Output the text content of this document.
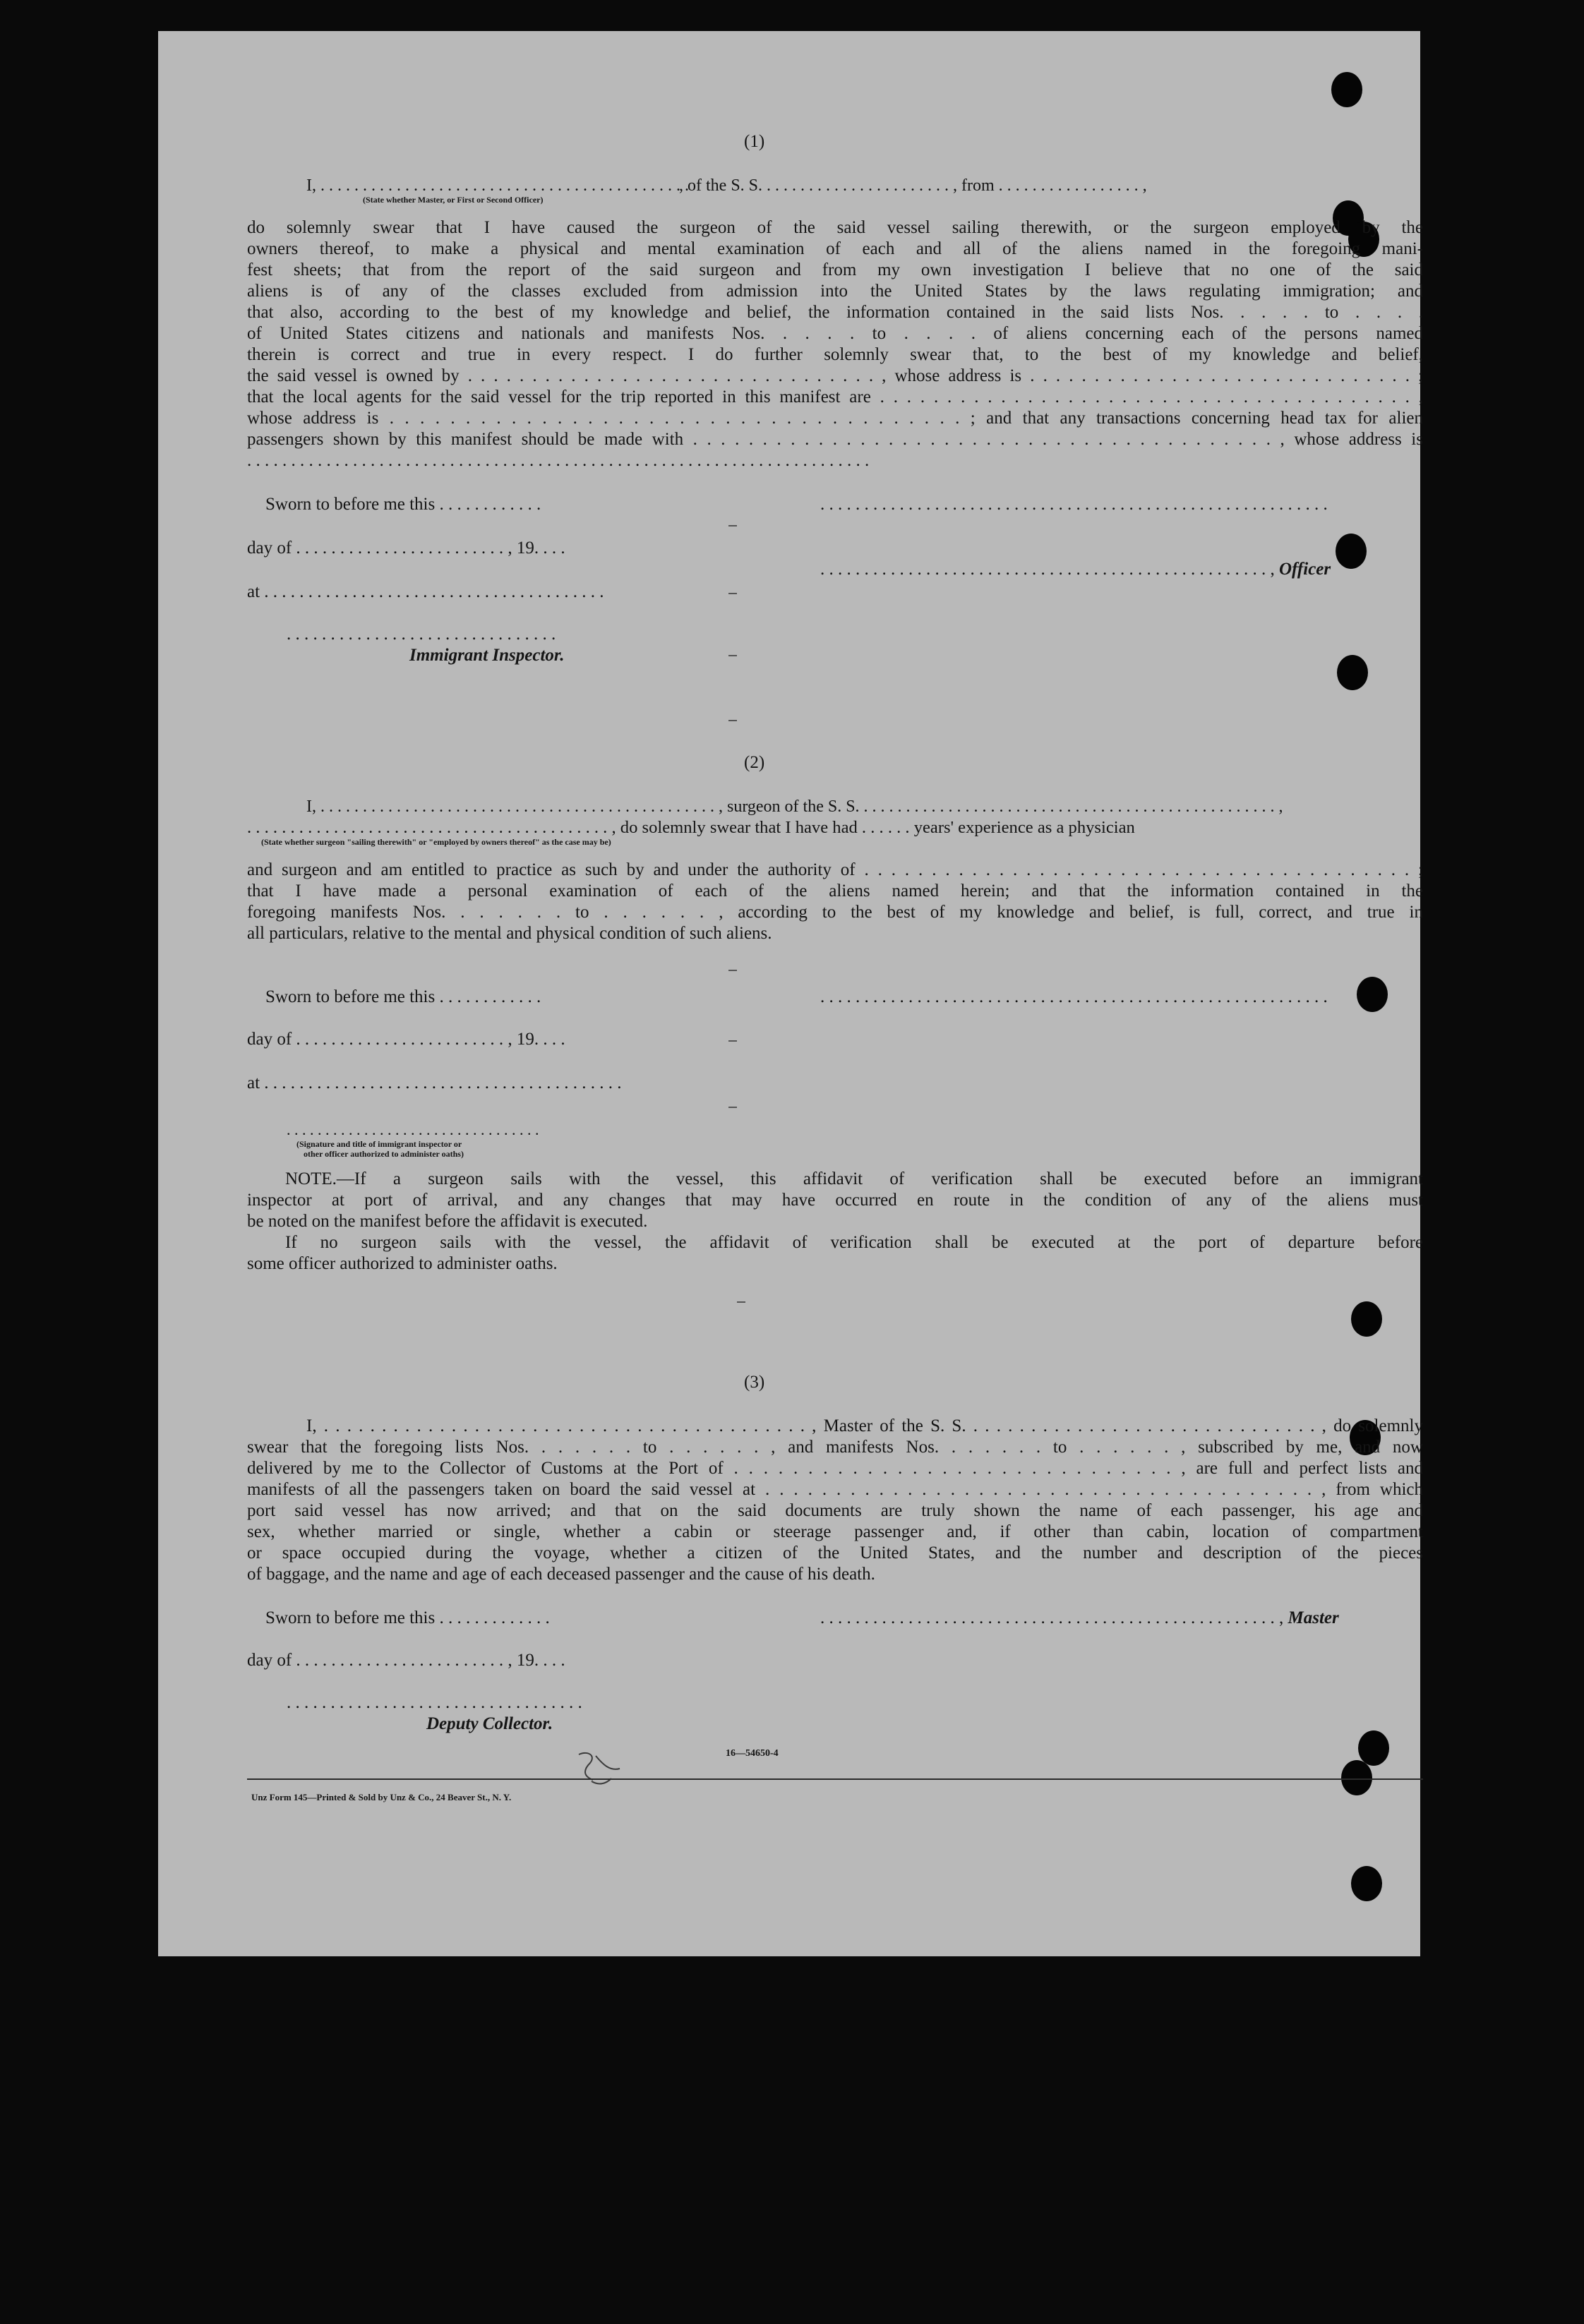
(1)
I, . . . . . . . . . . . . . . . . . . . . . . . . . . . . . . . . . . . . . . . . . . . .
, of the S. S. . . . . . . . . . . . . . . . . . . . . . . , from . . . . . . . . . . . . . . . . . ,
(State whether Master, or First or Second Officer)
do solemnly swear that I have caused the surgeon of the said vessel sailing therewith, or the surgeon employed by the
owners thereof, to make a physical and mental examination of each and all of the aliens named in the foregoing mani-
fest sheets; that from the report of the said surgeon and from my own investigation I believe that no one of the said
aliens is of any of the classes excluded from admission into the United States by the laws regulating immigration; and
that also, according to the best of my knowledge and belief, the information contained in the said lists Nos. . . . . to . . . .
of United States citizens and nationals and manifests Nos. . . . . to . . . . of aliens concerning each of the persons named
therein is correct and true in every respect. I do further solemnly swear that, to the best of my knowledge and belief,
the said vessel is owned by . . . . . . . . . . . . . . . . . . . . . . . . . . . . . . . . , whose address is . . . . . . . . . . . . . . . . . . . . . . . . . . . . . . ;
that the local agents for the said vessel for the trip reported in this manifest are . . . . . . . . . . . . . . . . . . . . . . . . . . . . . . . . . . . . . . . . ,
whose address is . . . . . . . . . . . . . . . . . . . . . . . . . . . . . . . . . . . . . . ; and that any transactions concerning head tax for alien
passengers shown by this manifest should be made with . . . . . . . . . . . . . . . . . . . . . . . . . . . . . . . . . . . . . . . . . . , whose address is
. . . . . . . . . . . . . . . . . . . . . . . . . . . . . . . . . . . . . . . . . . . . . . . . . . . . . . . . . . . . . . . . . . . . . . .
Sworn to before me this . . . . . . . . . . . .	. . . . . . . . . . . . . . . . . . . . . . . . . . . . . . . . . . . . . . . . . . . . . . . . . . . . . . . . . .
day of . . . . . . . . . . . . . . . . . . . . . . . . , 19. . . .
. . . . . . . . . . . . . . . . . . . . . . . . . . . . . . . . . . . . . . . . . . . . . . . . . . . , Officer
at . . . . . . . . . . . . . . . . . . . . . . . . . . . . . . . . . . . . . . .
. . . . . . . . . . . . . . . . . . . . . . . . . . . . . . .
Immigrant Inspector.
(2)
I, . . . . . . . . . . . . . . . . . . . . . . . . . . . . . . . . . . . . . . . . . . . . . . . , surgeon of the S. S. . . . . . . . . . . . . . . . . . . . . . . . . . . . . . . . . . . . . . . . . . . . . . . . . . ,
. . . . . . . . . . . . . . . . . . . . . . . . . . . . . . . . . . . . . . . . . . , do solemnly swear that I have had . . . . . . years' experience as a physician
(State whether surgeon "sailing therewith" or "employed by owners thereof" as the case may be)
and surgeon and am entitled to practice as such by and under the authority of . . . . . . . . . . . . . . . . . . . . . . . . . . . . . . . . . . . . . . . . . ;
that I have made a personal examination of each of the aliens named herein; and that the information contained in the
foregoing manifests Nos. . . . . . . to . . . . . . , according to the best of my knowledge and belief, is full, correct, and true in
all particulars, relative to the mental and physical condition of such aliens.
Sworn to before me this . . . . . . . . . . . .	. . . . . . . . . . . . . . . . . . . . . . . . . . . . . . . . . . . . . . . . . . . . . . . . . . . . . . . . . .
day of . . . . . . . . . . . . . . . . . . . . . . . . , 19. . . .
at . . . . . . . . . . . . . . . . . . . . . . . . . . . . . . . . . . . . . . . . .
. . . . . . . . . . . . . . . . . . . . . . . . . . . . . . . . .
(Signature and title of immigrant inspector or
other officer authorized to administer oaths)
NOTE.—If a surgeon sails with the vessel, this affidavit of verification shall be executed before an immigrant
inspector at port of arrival, and any changes that may have occurred en route in the condition of any of the aliens must
be noted on the manifest before the affidavit is executed.
If no surgeon sails with the vessel, the affidavit of verification shall be executed at the port of departure before
some officer authorized to administer oaths.
(3)
I, . . . . . . . . . . . . . . . . . . . . . . . . . . . . . . . . . . . . . . . . . . , Master of the S. S. . . . . . . . . . . . . . . . . . . . . . . . . . . . . . . , do solemnly
swear that the foregoing lists Nos. . . . . . . to . . . . . . , and manifests Nos. . . . . . . to . . . . . . , subscribed by me, and now
delivered by me to the Collector of Customs at the Port of . . . . . . . . . . . . . . . . . . . . . . . . . . . . . . , are full and perfect lists and
manifests of all the passengers taken on board the said vessel at . . . . . . . . . . . . . . . . . . . . . . . . . . . . . . . . . . . . . . . , from which
port said vessel has now arrived; and that on the said documents are truly shown the name of each passenger, his age and
sex, whether married or single, whether a cabin or steerage passenger and, if other than cabin, location of compartment
or space occupied during the voyage, whether a citizen of the United States, and the number and description of the pieces
of baggage, and the name and age of each deceased passenger and the cause of his death.
Sworn to before me this . . . . . . . . . . . . .	. . . . . . . . . . . . . . . . . . . . . . . . . . . . . . . . . . . . . . . . . . . . . . . . . . . . , Master
day of . . . . . . . . . . . . . . . . . . . . . . . . , 19. . . .
. . . . . . . . . . . . . . . . . . . . . . . . . . . . . . . . . .
Deputy Collector.
16—54650-4
Unz Form 145—Printed & Sold by Unz & Co., 24 Beaver St., N. Y.
